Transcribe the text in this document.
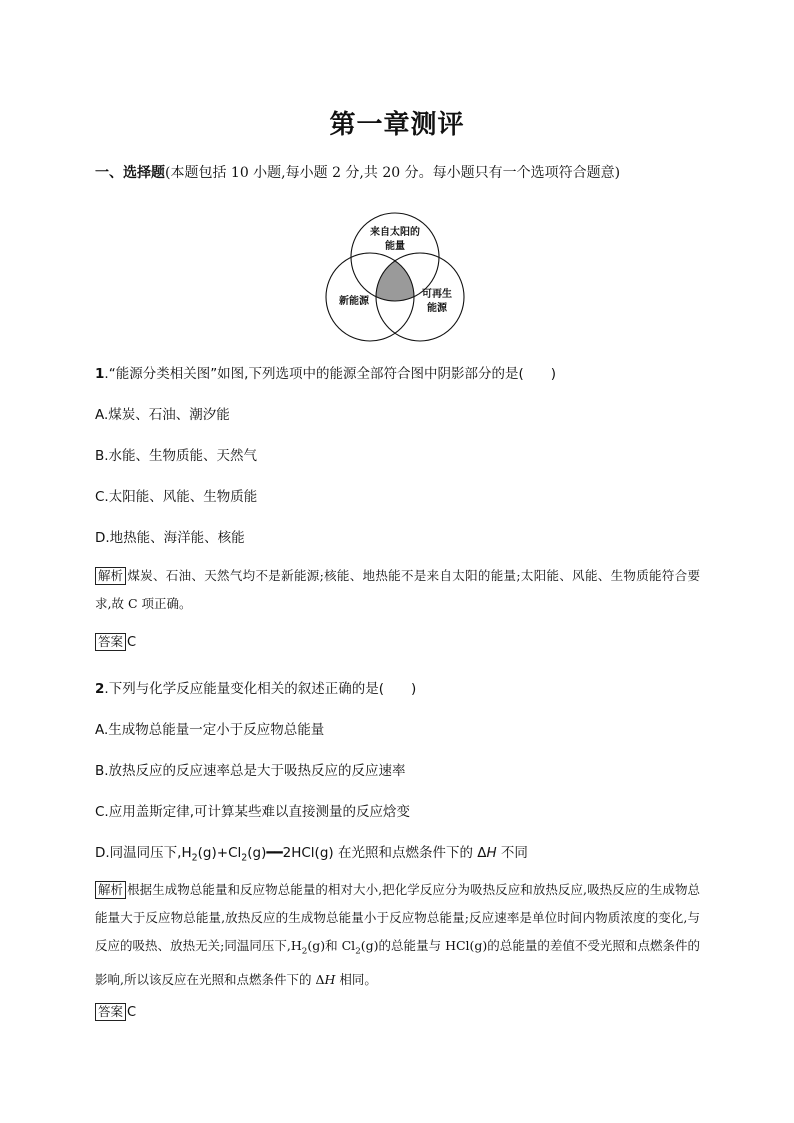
第一章测评
一、选择题(本题包括 10 小题,每小题 2 分,共 20 分。每小题只有一个选项符合题意)
来自太阳的
能量
新能源
可再生
能源
1.“能源分类相关图”如图,下列选项中的能源全部符合图中阴影部分的是(　　)
A.煤炭、石油、潮汐能
B.水能、生物质能、天然气
C.太阳能、风能、生物质能
D.地热能、海洋能、核能
解析 煤炭、石油、天然气均不是新能源;核能、地热能不是来自太阳的能量;太阳能、风能、生物质能符合要求,故 C 项正确。
答案 C
2.下列与化学反应能量变化相关的叙述正确的是(　　)
A.生成物总能量一定小于反应物总能量
B.放热反应的反应速率总是大于吸热反应的反应速率
C.应用盖斯定律,可计算某些难以直接测量的反应焓变
D.同温同压下$,H_2(g)+Cl_2(g)━━2HCl(g)$ 在光照和点燃条件下的 ΔH 不同
解析 根据生成物总能量和反应物总能量的相对大小,把化学反应分为吸热反应和放热反应,吸热反应的生成物总能量大于反应物总能量,放热反应的生成物总能量小于反应物总能量;反应速率是单位时间内物质浓度的变化,与反应的吸热、放热无关;同温同压下$,H_2(g)$和 $Cl_2(g)$的总能量与 HCl(g)的总能量的差值不受光照和点燃条件的影响,所以该反应在光照和点燃条件下的 ΔH 相同。
答案 C
